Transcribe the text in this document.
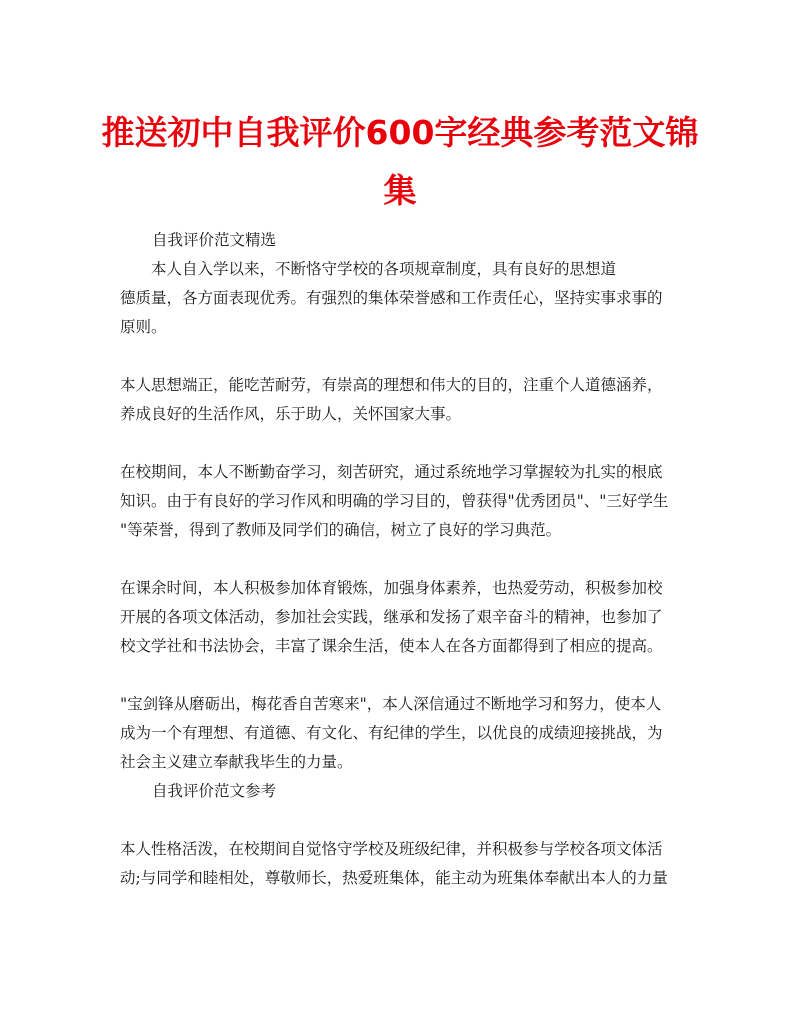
推送初中自我评价600字经典参考范文锦集
自我评价范文精选
　　本人自入学以来，不断恪守学校的各项规章制度，具有良好的思想道
德质量，各方面表现优秀。有强烈的集体荣誉感和工作责任心，坚持实事求事的
原则。
本人思想端正，能吃苦耐劳，有崇高的理想和伟大的目的，注重个人道德涵养，
养成良好的生活作风，乐于助人，关怀国家大事。
在校期间，本人不断勤奋学习，刻苦研究，通过系统地学习掌握较为扎实的根底
知识。由于有良好的学习作风和明确的学习目的，曾获得"优秀团员"、"三好学生
"等荣誉，得到了教师及同学们的确信，树立了良好的学习典范。
在课余时间，本人积极参加体育锻炼，加强身体素养，也热爱劳动，积极参加校
开展的各项文体活动，参加社会实践，继承和发扬了艰辛奋斗的精神，也参加了
校文学社和书法协会，丰富了课余生活，使本人在各方面都得到了相应的提高。
"宝剑锋从磨砺出，梅花香自苦寒来"，本人深信通过不断地学习和努力，使本人
成为一个有理想、有道德、有文化、有纪律的学生，以优良的成绩迎接挑战，为
社会主义建立奉献我毕生的力量。
自我评价范文参考
本人性格活泼，在校期间自觉恪守学校及班级纪律，并积极参与学校各项文体活
动;与同学和睦相处，尊敬师长，热爱班集体，能主动为班集体奉献出本人的力量
